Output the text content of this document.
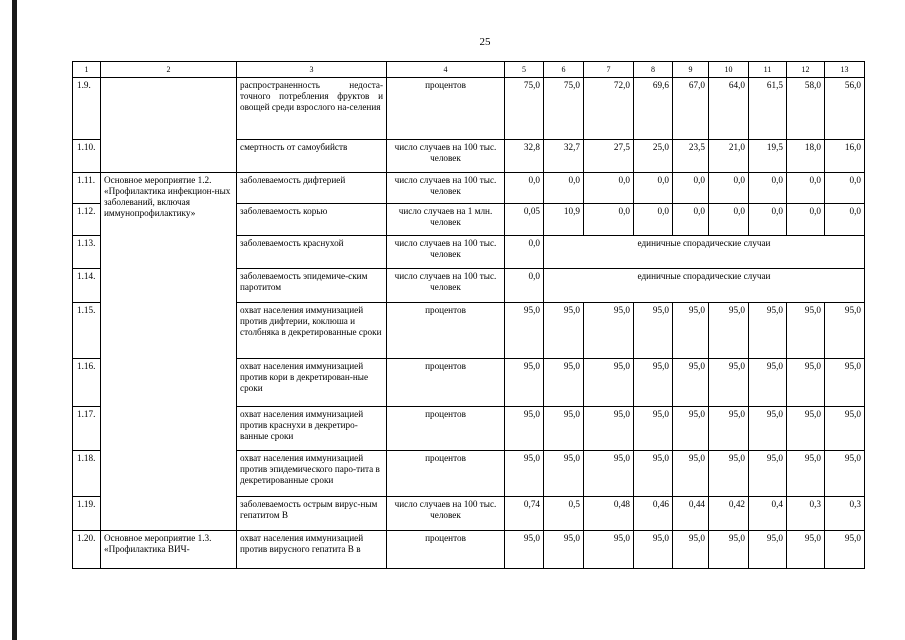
25
1	2	3	4	5	6	7	8	9	10	11	12	13
1.9.		распространенность недоста-точного потребления фруктов и овощей среди взрослого на-селения	процентов	75,0	75,0	72,0	69,6	67,0	64,0	61,5	58,0	56,0
1.10.		смертность от самоубийств	число случаев на 100 тыс. человек	32,8	32,7	27,5	25,0	23,5	21,0	19,5	18,0	16,0
1.11.	Основное мероприятие 1.2. «Профилактика инфекцион-ных заболеваний, включая иммунопрофилактику»	заболеваемость дифтерией	число случаев на 100 тыс. человек	0,0	0,0	0,0	0,0	0,0	0,0	0,0	0,0	0,0
1.12.		заболеваемость корью	число случаев на 1 млн. человек	0,05	10,9	0,0	0,0	0,0	0,0	0,0	0,0	0,0
1.13.		заболеваемость краснухой	число случаев на 100 тыс. человек	0,0	единичные спорадические случаи							
1.14.		заболеваемость эпидемиче-ским паротитом	число случаев на 100 тыс. человек	0,0	единичные спорадические случаи							
1.15.		охват населения иммунизацией против дифтерии, коклюша и столбняка в декретированные сроки	процентов	95,0	95,0	95,0	95,0	95,0	95,0	95,0	95,0	95,0
1.16.		охват населения иммунизацией против кори в декретирован-ные сроки	процентов	95,0	95,0	95,0	95,0	95,0	95,0	95,0	95,0	95,0
1.17.		охват населения иммунизацией против краснухи в декретиро-ванные сроки	процентов	95,0	95,0	95,0	95,0	95,0	95,0	95,0	95,0	95,0
1.18.		охват населения иммунизацией против эпидемического паро-тита в декретированные сроки	процентов	95,0	95,0	95,0	95,0	95,0	95,0	95,0	95,0	95,0
1.19.		заболеваемость острым вирус-ным гепатитом В	число случаев на 100 тыс. человек	0,74	0,5	0,48	0,46	0,44	0,42	0,4	0,3	0,3
1.20.	Основное мероприятие 1.3. «Профилактика ВИЧ-	охват населения иммунизацией против вирусного гепатита В в	процентов	95,0	95,0	95,0	95,0	95,0	95,0	95,0	95,0	95,0
